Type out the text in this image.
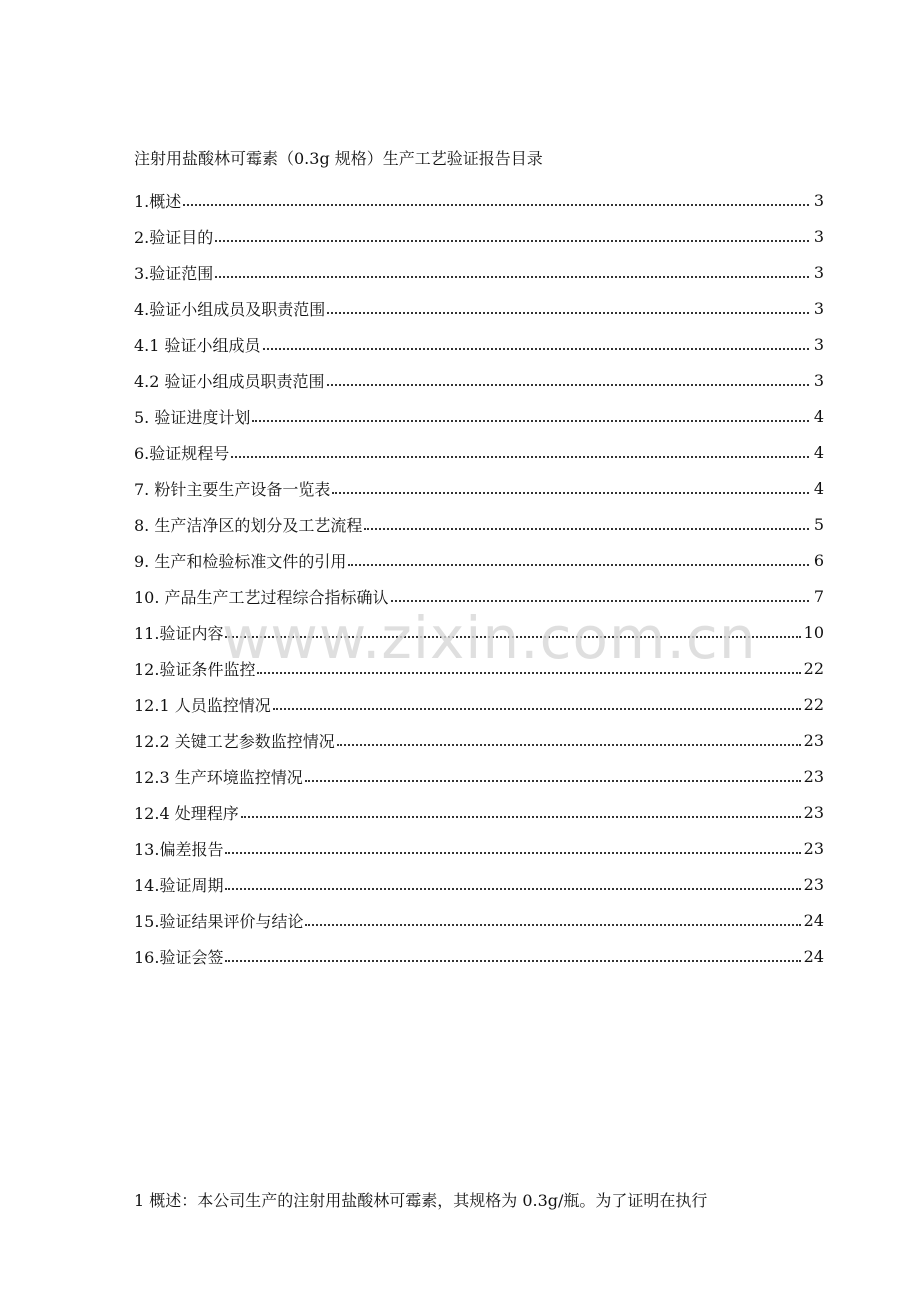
注射用盐酸林可霉素（0.3g 规格）生产工艺验证报告目录
1.概述	3
2.验证目的	3
3.验证范围	3
4.验证小组成员及职责范围	3
4.1 验证小组成员	3
4.2 验证小组成员职责范围	3
5. 验证进度计划	4
6.验证规程号	4
7. 粉针主要生产设备一览表	4
8. 生产洁净区的划分及工艺流程	5
9. 生产和检验标准文件的引用	6
10. 产品生产工艺过程综合指标确认	7
11.验证内容	10
12.验证条件监控	22
12.1 人员监控情况	22
12.2 关键工艺参数监控情况	23
12.3 生产环境监控情况	23
12.4 处理程序	23
13.偏差报告	23
14.验证周期	23
15.验证结果评价与结论	24
16.验证会签	24
www.zixin.com.cn
1 概述：本公司生产的注射用盐酸林可霉素，其规格为 0.3g/瓶。为了证明在执行
